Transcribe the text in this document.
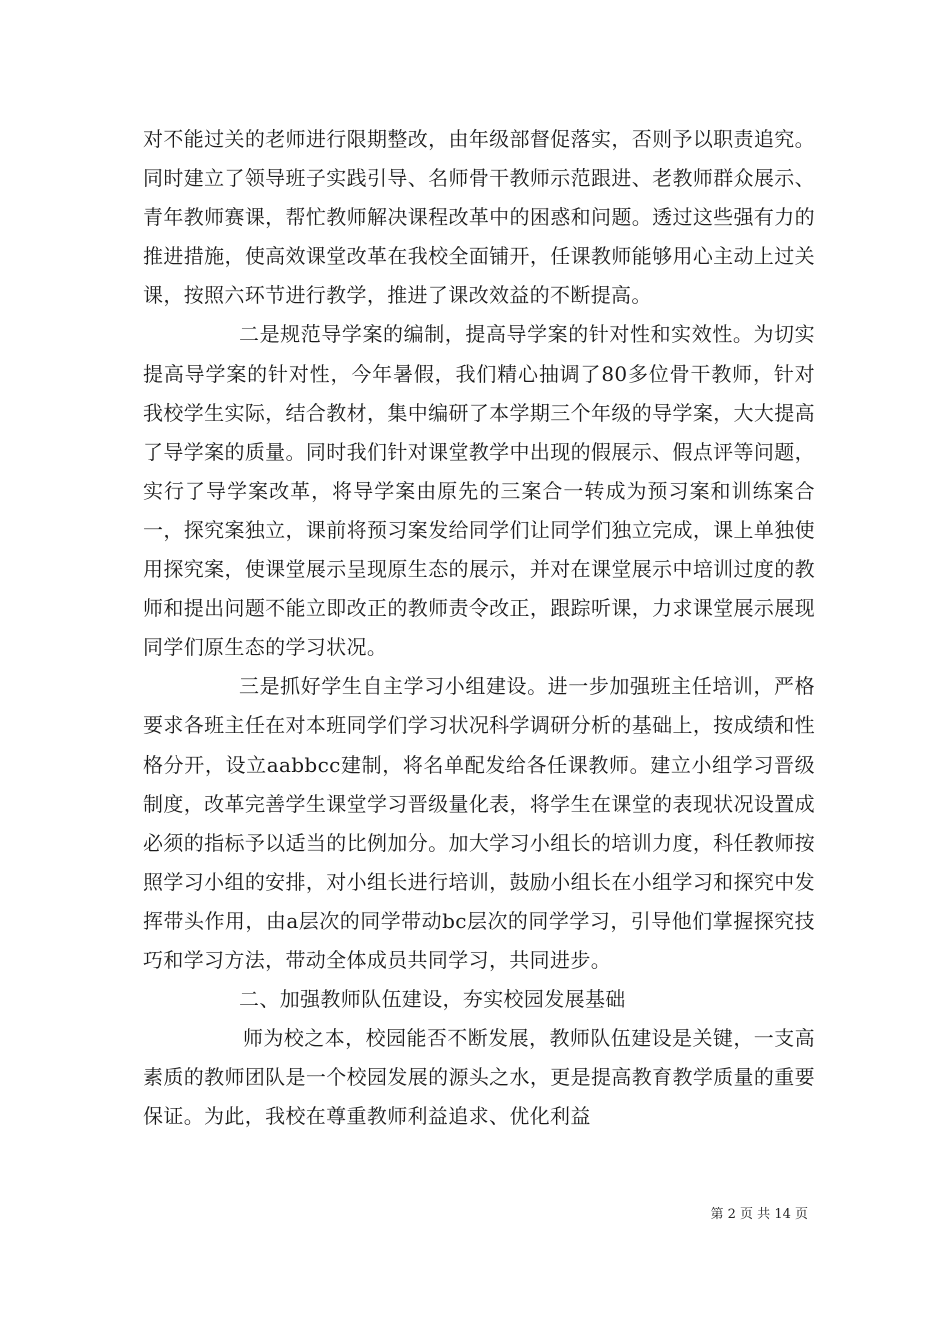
对不能过关的老师进行限期整改，由年级部督促落实，否则予以职责追究。同时建立了领导班子实践引导、名师骨干教师示范跟进、老教师群众展示、青年教师赛课，帮忙教师解决课程改革中的困惑和问题。透过这些强有力的推进措施，使高效课堂改革在我校全面铺开，任课教师能够用心主动上过关课，按照六环节进行教学，推进了课改效益的不断提高。

二是规范导学案的编制，提高导学案的针对性和实效性。为切实提高导学案的针对性，今年暑假，我们精心抽调了80多位骨干教师，针对我校学生实际，结合教材，集中编研了本学期三个年级的导学案，大大提高了导学案的质量。同时我们针对课堂教学中出现的假展示、假点评等问题，实行了导学案改革，将导学案由原先的三案合一转成为预习案和训练案合一，探究案独立，课前将预习案发给同学们让同学们独立完成，课上单独使用探究案，使课堂展示呈现原生态的展示，并对在课堂展示中培训过度的教师和提出问题不能立即改正的教师责令改正，跟踪听课，力求课堂展示展现同学们原生态的学习状况。

三是抓好学生自主学习小组建设。进一步加强班主任培训，严格要求各班主任在对本班同学们学习状况科学调研分析的基础上，按成绩和性格分开，设立aabbcc建制，将名单配发给各任课教师。建立小组学习晋级制度，改革完善学生课堂学习晋级量化表，将学生在课堂的表现状况设置成必须的指标予以适当的比例加分。加大学习小组长的培训力度，科任教师按照学习小组的安排，对小组长进行培训，鼓励小组长在小组学习和探究中发挥带头作用，由a层次的同学带动bc层次的同学学习，引导他们掌握探究技巧和学习方法，带动全体成员共同学习，共同进步。

二、加强教师队伍建设，夯实校园发展基础

师为校之本，校园能否不断发展，教师队伍建设是关键，一支高素质的教师团队是一个校园发展的源头之水，更是提高教育教学质量的重要保证。为此，我校在尊重教师利益追求、优化利益

第 2 页 共 14 页
